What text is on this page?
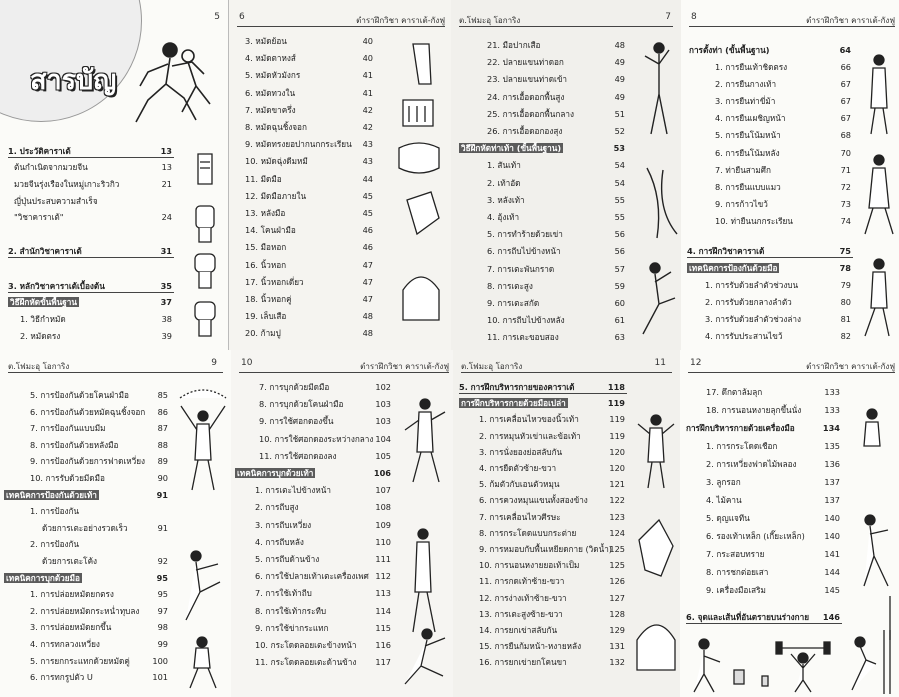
สารบัญ
5
1. ประวัติคาราเต้	13
ต้นกำเนิดจากมวยจีน	13
มวยจีนรุ่งเรืองในหมู่เกาะริวกิว	21
ญี่ปุ่นประสบความสำเร็จ
"วิชาคาราเต้"	24
2. สำนักวิชาคาราเต้	31
3. หลักวิชาคาราเต้เบื้องต้น	35
วิธีฝึกหัดขั้นพื้นฐาน	37
1. วิธีกำหมัด	38
2. หมัดตรง	39
6	ตำราฝึกวิชา คาราเต้-กังฟู
3. หมัดย้อน	40
4. หมัดตาหงส์	40
5. หมัดหัวมังกร	41
6. หมัดทวงใน	41
7. หมัดขาครึ่ง	42
8. หมัดฉุนชิ้งจอก	42
9. หมัดทรงยอปากนกกระเรียน 43
10. หมัดฉุ่งดีมหมี	43
11. มีดมือ	44
12. มีดมือภายใน	45
13. หลังมือ	45
14. โคนฝ่ามือ	46
15. มือหอก	46
16. นิ้วหอก	47
17. นิ้วหอกเดี่ยว	47
18. นิ้วหอกคู่	47
19. เล็บเสือ	48
20. ก้ามปู	48
ต.โฟมะอุ โอการิง	7
21. มือปากเสือ	48
22. ปลายแขนท่าดอก	49
23. ปลายแขนท่าดเข้า	49
24. การเอื้อดอกพื้นสูง	49
25. การเอื้อดอกพื้นกลาง	51
26. การเอื้อดอกองสุง	52
วิธีฝึกหัดท่าเท้า (ขั้นพื้นฐาน)	53
1. สันเท้า	54
2. เท้าอัด	54
3. หลังเท้า	55
4. อุ้งเท้า	55
5. การทำร้ายด้วยเข่า	56
6. การถีบไปข้างหน้า	56
7. การเตะพันกราด	57
8. การเตะสูง	59
9. การเตะสกัด	60
10. การถีบไปข้างหลัง	61
11. การเตะขอบสอง	63
8	ตำราฝึกวิชา คาราเต้-กังฟู
การตั้งท่า (ขั้นพื้นฐาน)	64
1. การยืนเท้าชิดตรง	66
2. การยืนกางเท้า	67
3. การยืนท่าขี่ม้า	67
4. การยืนเผชิญหน้า	67
5. การยืนโน้มหน้า	68
6. การยืนโน้มหลัง	70
7. ท่ายืนสามศึก	71
8. การยืนแบบแมว	72
9. การก้าวไขว้	73
10. ท่ายืนนกกระเรียน	74
4. การฝึกวิชาคาราเต้	75
เทคนิคการป้องกันด้วยมือ	78
1. การรับด้วยลำตัวช่วงบน	79
2. การรับด้วยกลางลำตัว	80
3. การรับด้วยลำตัวช่วงล่าง	81
4. การรับประสานไขว้	82
ต.โฟมะอุ โอการิง	9
5. การป้องกันด้วยโคนฝ่ามือ	85
6. การป้องกันด้วยหมัดฉุนชิ้งจอก 86
7. การป้องกันแบบมีม	87
8. การป้องกันด้วยหลังมือ	88
9. การป้องกันด้วยการฟาดเหวี่ยง 89
10. การรับด้วยมีดมือ	90
เทคนิคการป้องกันด้วยเท้า	91
1. การป้องกัน
ด้วยการเตะอย่างรวดเร็ว	91
2. การป้องกัน
ด้วยการเตะโค้ง	92
เทคนิคการบุกด้วยมือ	95
1. การปล่อยหมัดยกตรง	95
2. การปล่อยหมัดกระหน่ำทุบลง 97
3. การปล่อยหมัดยกขึ้น	98
4. การทกลวงเหวี่ยง	99
5. การยกกระแทกด้วยหมัดคู่	100
6. การทกรูปตัว U	101
10	ตำราฝึกวิชา คาราเต้-กังฟู
7. การบุกด้วยมีดมือ	102
8. การบุกด้วยโคนฝ่ามือ	103
9. การใช้ศอกดองขึ้น	103
10. การใช้ศอกดองระหว่างกลาง 104
11. การใช้ศอกดองลง	105
เทคนิคการบุกด้วยเท้า	106
1. การเตะไปข้างหน้า	107
2. การถีบสูง	108
3. การถีบเหวี่ยง	109
4. การถีบหลัง	110
5. การถีบด้านข้าง	111
6. การใช้ปลายเท้าเตะเครื่องเพศ 112
7. การใช้เท้าถีบ	113
8. การใช้เท้ากระทืบ	114
9. การใช้ข่ากระแทก	115
10. กระโดดลอยเตะข้างหน้า 116
11. กระโดดลอยเตะด้านข้าง 117
ต.โฟมะอุ โอการิง	11
5. การฝึกบริหารกายของคาราเต้	118
การฝึกบริหารกายด้วยมือเปล่า	119
1. การเคลื่อนไหวของนิ้วเท้า	119
2. การหมุนหัวเข่าและข้อเท้า	119
3. การนั่งยองย่อสลับกัน	120
4. การยืดตัวซ้าย-ขวา	120
5. ก้มตัวกับเอนตัวหมุน	121
6. การควงหมุนแขนทั้งสองข้าง	122
7. การเคลื่อนไหวศีรษะ	123
8. การกระโดดแบบกระต่าย	124
9. การหมอบกับพื้นเหยียดกาย (วิดน้ำ)
125
10. การนอนหงายยอเท้าเป็ม	125
11. การกดเท้าซ้าย-ขวา	126
12. การง่างเท้าซ้าย-ขวา	127
13. การเตะสูงซ้าย-ขวา	128
14. การยกเข่าสลับกัน	129
15. การยืนก้มหน้า-หงายหลัง	131
16. การยกเข่ายกโคนขา	132
12	ตำราฝึกวิชา คาราเต้-กังฟู
17. ดึกตาล้มลุก	133
18. การนอนหงายลุกขึ้นนั่ง	133
การฝึกบริหารกายด้วยเครื่องมือ	134
1. การกระโดดเชือก	135
2. การเหวี่ยงฟาดไม้พลอง	136
3. ลูกรอก	137
4. ไม้คาน	137
5. ดุญแจทีน	140
6. รองเท้าเหล็ก (เกี๊ยะเหล็ก) 140
7. กระสอบทราย	141
8. การชกต่อยเสา	144
9. เครื่องมือเสริม	145
6. จุดและเส้นที่อันตรายบนร่างกาย 146
